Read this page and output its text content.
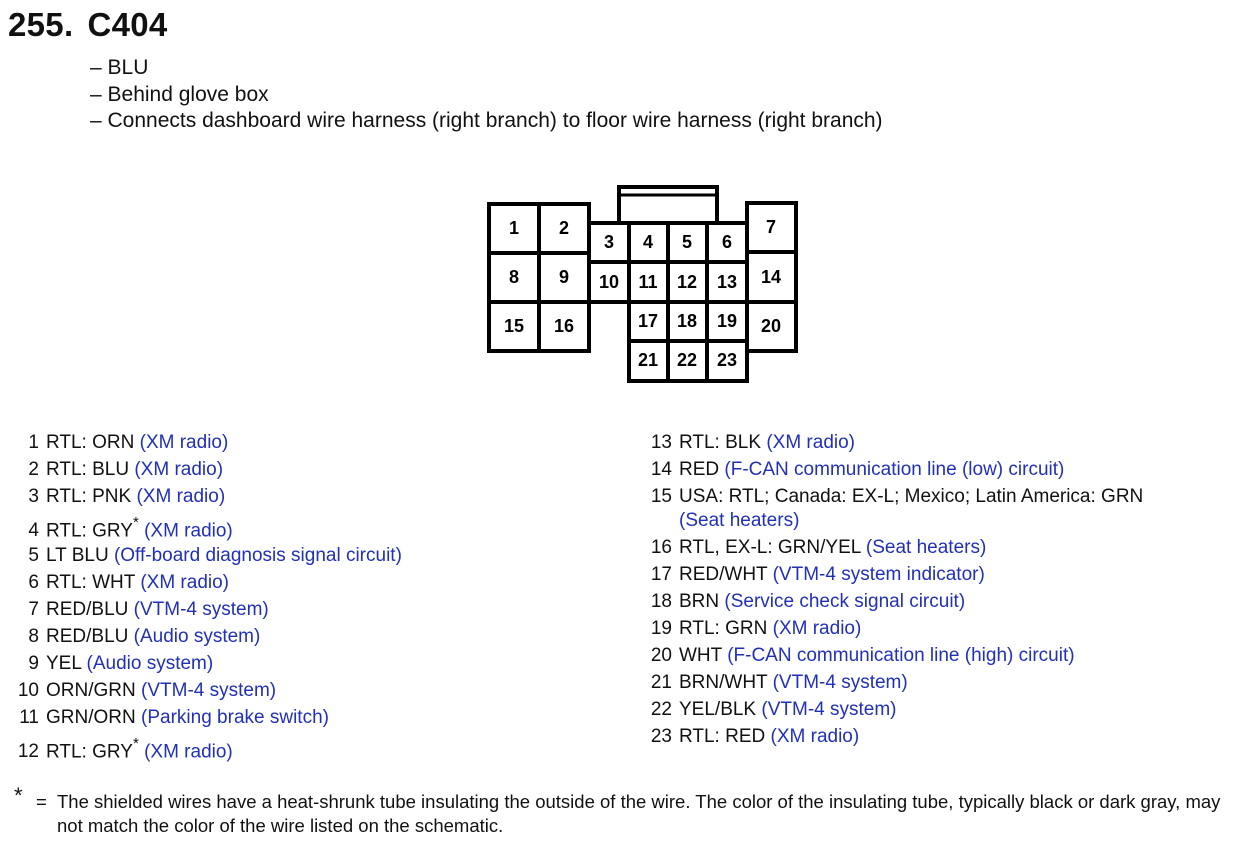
255. C404
– BLU
– Behind glove box
– Connects dashboard wire harness (right branch) to floor wire harness (right branch)
1 2
3 4 5 6
7
8 9 10 11 12 13 14
15 16	17 18 19 20
21 22 23
1 RTL: ORN (XM radio)
2 RTL: BLU (XM radio)
3 RTL: PNK (XM radio)
4 RTL: GRY* (XM radio)
5 LT BLU (Off-board diagnosis signal circuit)
6 RTL: WHT (XM radio)
7 RED/BLU (VTM-4 system)
8 RED/BLU (Audio system)
9 YEL (Audio system)
10 ORN/GRN (VTM-4 system)
11 GRN/ORN (Parking brake switch)
12 RTL: GRY* (XM radio)
13 RTL: BLK (XM radio)
14 RED (F-CAN communication line (low) circuit)
15 USA: RTL; Canada: EX-L; Mexico; Latin America: GRN
(Seat heaters)
16 RTL, EX-L: GRN/YEL (Seat heaters)
17 RED/WHT (VTM-4 system indicator)
18 BRN (Service check signal circuit)
19 RTL: GRN (XM radio)
20 WHT (F-CAN communication line (high) circuit)
21 BRN/WHT (VTM-4 system)
22 YEL/BLK (VTM-4 system)
23 RTL: RED (XM radio)
* = The shielded wires have a heat-shrunk tube insulating the outside of the wire. The color of the insulating tube, typically black or dark gray, may not match the color of the wire listed on the schematic.
